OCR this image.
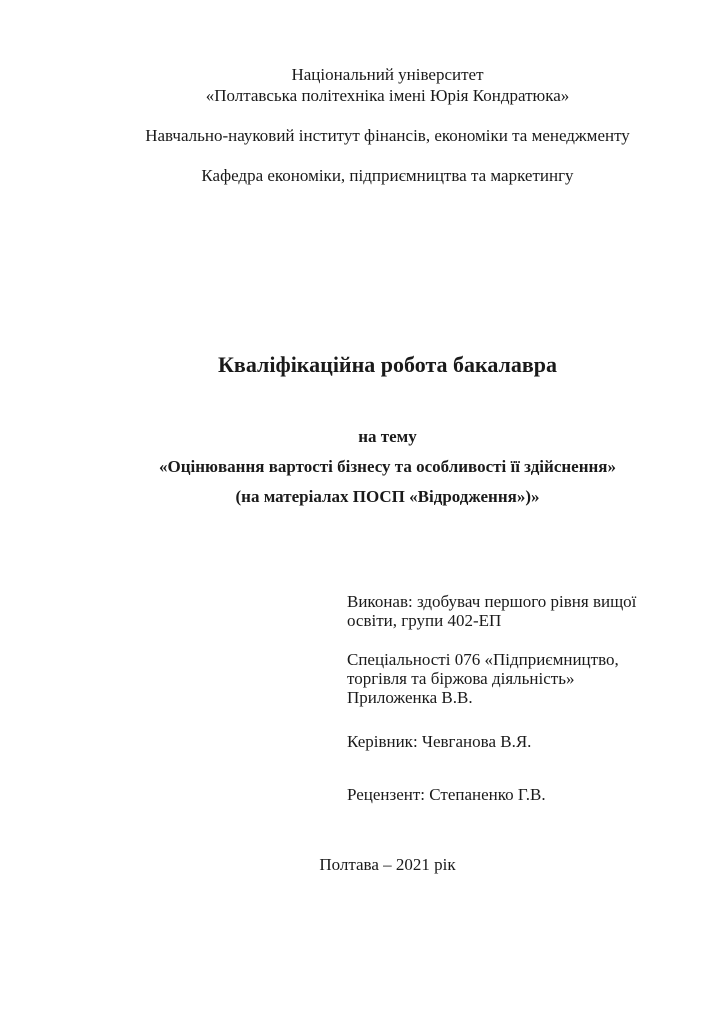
Національний університет
«Полтавська політехніка імені Юрія Кондратюка»
Навчально-науковий інститут фінансів, економіки та менеджменту
Кафедра економіки, підприємництва та маркетингу
Кваліфікаційна робота бакалавра
на тему
«Оцінювання вартості бізнесу та особливості її здійснення»
(на матеріалах ПОСП «Відродження»)»
Виконав: здобувач першого рівня вищої
освіти, групи 402-ЕП
Спеціальності 076 «Підприємництво,
торгівля та біржова діяльність»
Приложенка В.В.
Керівник: Чевганова В.Я.
Рецензент: Степаненко Г.В.
Полтава – 2021 рік
